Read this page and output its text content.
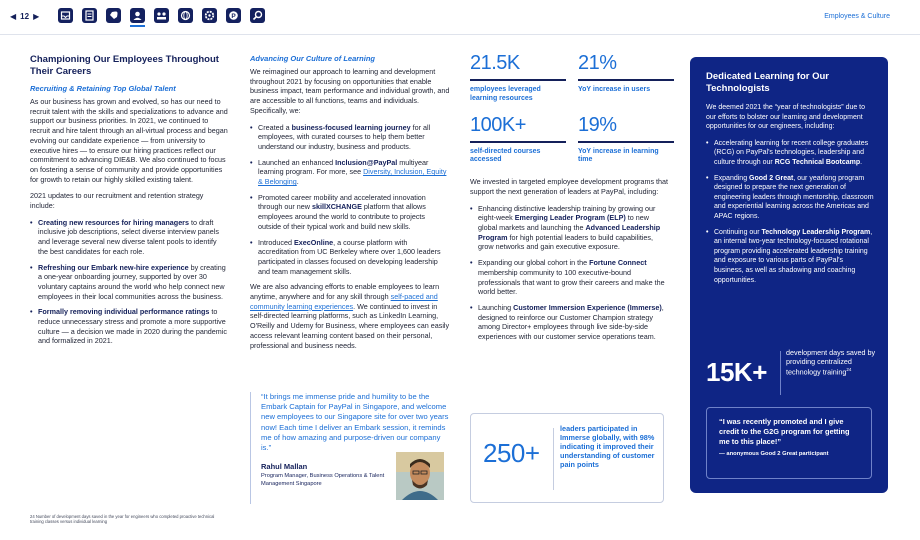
◀ 12 ▶	P	Employees & Culture
Championing Our Employees Throughout Their Careers
Recruiting & Retaining Top Global Talent

As our business has grown and evolved, so has our need to recruit talent with the skills and specializations to advance and support our business priorities. In 2021, we continued to recruit and hire talent through an all-virtual process and began evolving our candidate experience — from university to executive hires — to ensure our hiring practices reflect our commitment to advancing DIE&B. We also continued to focus on fostering a sense of community and provide opportunities for growth to retain our highly skilled existing talent.

2021 updates to our recruitment and retention strategy include:

• Creating new resources for hiring managers to draft inclusive job descriptions, select diverse interview panels and leverage several new diverse talent pools to identify the best candidates for each role.
• Refreshing our Embark new-hire experience by creating a one-year onboarding journey, supported by over 30 voluntary captains around the world who help connect new employees in their local communities across the business.
• Formally removing individual performance ratings to reduce unnecessary stress and promote a more supportive culture — a decision we made in 2020 during the pandemic and formalized in 2021.
24 Number of development days saved in the year for engineers who completed proactive technical training classes versus individual learning
Advancing Our Culture of Learning

We reimagined our approach to learning and development throughout 2021 by focusing on opportunities that enable business impact, team performance and individual growth, and are accessible to all functions, teams and individuals. Specifically, we:

• Created a business-focused learning journey for all employees, with curated courses to help them better understand our industry, business and products.
• Launched an enhanced Inclusion@PayPal multiyear learning program. For more, see Diversity, Inclusion, Equity & Belonging.
• Promoted career mobility and accelerated innovation through our new skillXCHANGE platform that allows employees around the world to contribute to projects outside of their typical work and build new skills.
• Introduced ExecOnline, a course platform with accreditation from UC Berkeley where over 1,600 leaders participated in classes focused on developing leadership and team management skills.

We are also advancing efforts to enable employees to learn anytime, anywhere and for any skill through self-paced and community learning experiences. We continued to invest in self-directed learning platforms, such as LinkedIn Learning, O'Reilly and Udemy for Business, where employees can easily access relevant learning content based on their personal, professional and business needs.

“It brings me immense pride and humility to be the Embark Captain for PayPal in Singapore, and welcome new employees to our Singapore site for over two years now! Each time I deliver an Embark session, it reminds me of how amazing and purpose-driven our company is.”
Rahul Mallan
Program Manager, Business Operations & Talent Management Singapore
21.5K
employees leveraged learning resources
21%
YoY increase in users
100K+
self-directed courses accessed
19%
YoY increase in learning time

We invested in targeted employee development programs that support the next generation of leaders at PayPal, including:

• Enhancing distinctive leadership training by growing our eight-week Emerging Leader Program (ELP) to new global markets and launching the Advanced Leadership Program for high potential leaders to build capabilities, grow networks and gain executive exposure.
• Expanding our global cohort in the Fortune Connect membership community to 100 executive-bound professionals that want to grow their careers and make the world better.
• Launching Customer Immersion Experience (Immerse), designed to reinforce our Customer Champion strategy among Director+ employees through live side-by-side experiences with our customer service operations team.
250+
leaders participated in Immerse globally, with 98% indicating it improved their understanding of customer pain points
Dedicated Learning for Our Technologists

We deemed 2021 the “year of technologists” due to our efforts to bolster our learning and development opportunities for our engineers, including:

• Accelerating learning for recent college graduates (RCG) on PayPal's technologies, leadership and culture through our RCG Technical Bootcamp.
• Expanding Good 2 Great, our yearlong program designed to prepare the next generation of engineering leaders through mentorship, classroom and experiential learning across the Americas and APAC regions.
• Continuing our Technology Leadership Program, an internal two-year technology-focused rotational program providing accelerated leadership training and exposure to various parts of PayPal's business, as well as shadowing and coaching opportunities.
15K+
development days saved by providing centralized technology training$^{24}$
“I was recently promoted and I give credit to the G2G program for getting me to this place!”
— anonymous Good 2 Great participant
